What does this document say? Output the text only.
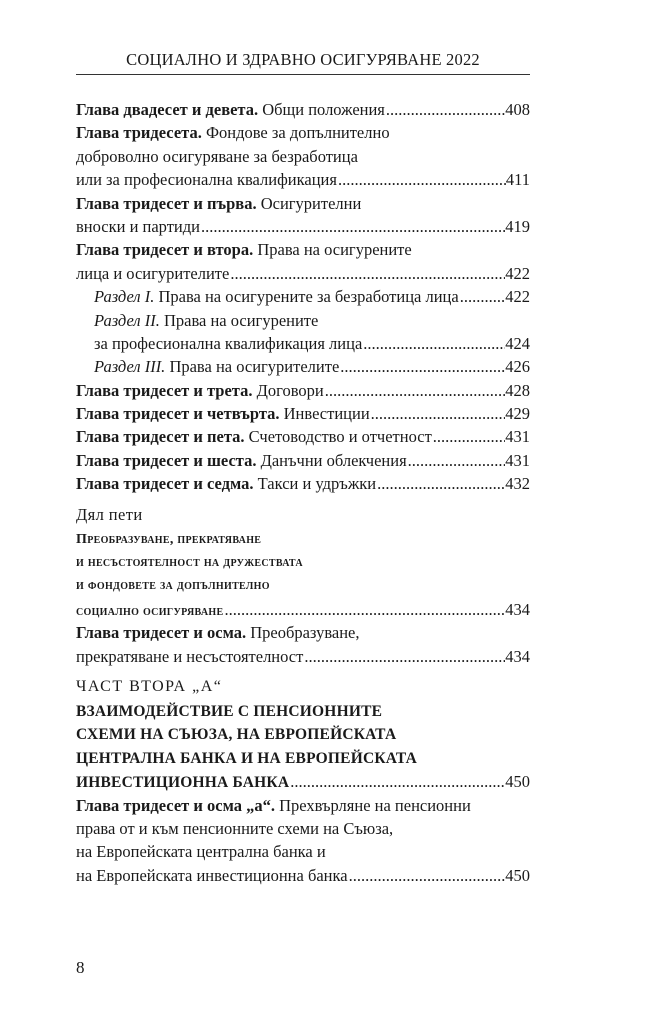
СОЦИАЛНО И ЗДРАВНО ОСИГУРЯВАНЕ 2022
Глава двадесет и девета. Общи положения .....	408
Глава тридесета. Фондове за допълнително
доброволно осигуряване за безработица
или за професионална квалификация .....	411
Глава тридесет и първа. Осигурителни
вноски и партиди .....	419
Глава тридесет и втора. Права на осигурените
лица и осигурителите .....	422
Раздел I. Права на осигурените за безработица лица .....	422
Раздел II. Права на осигурените
за професионална квалификация лица .....	424
Раздел III. Права на осигурителите .....	426
Глава тридесет и трета. Договори .....	428
Глава тридесет и четвърта. Инвестиции .....	429
Глава тридесет и пета. Счетоводство и отчетност .....	431
Глава тридесет и шеста. Данъчни облекчения .....	431
Глава тридесет и седма. Такси и удръжки .....	432
Дял пети
Преобразуване, прекратяване
и несъстоятелност на дружествата
и фондовете за допълнително
социално осигуряване .....	434
Глава тридесет и осма. Преобразуване,
прекратяване и несъстоятелност .....	434
ЧАСТ ВТОРА „А“
ВЗАИМОДЕЙСТВИЕ С ПЕНСИОННИТЕ
СХЕМИ НА СЪЮЗА, НА ЕВРОПЕЙСКАТА
ЦЕНТРАЛНА БАНКА И НА ЕВРОПЕЙСКАТА
ИНВЕСТИЦИОННА БАНКА .....	450
Глава тридесет и осма „а“. Прехвърляне на пенсионни
права от и към пенсионните схеми на Съюза,
на Европейската централна банка и
на Европейската инвестиционна банка .....	450
8
